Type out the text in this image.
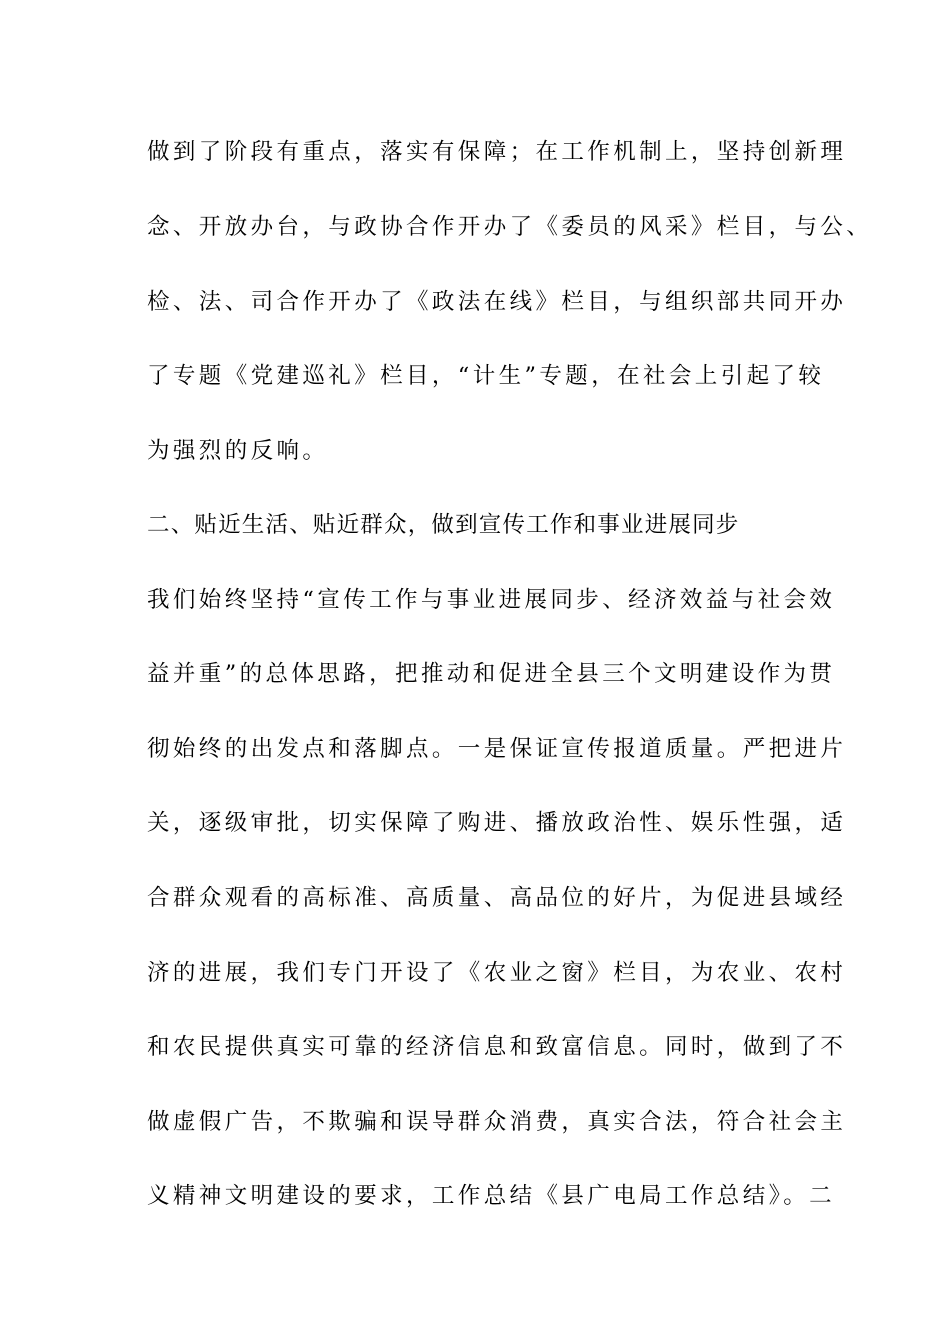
做到了阶段有重点，落实有保障；在工作机制上，坚持创新理
念、开放办台，与政协合作开办了《委员的风采》栏目，与公、
检、法、司合作开办了《政法在线》栏目，与组织部共同开办
了专题《党建巡礼》栏目，“计生”专题，在社会上引起了较
为强烈的反响。
二、贴近生活、贴近群众，做到宣传工作和事业进展同步
我们始终坚持“宣传工作与事业进展同步、经济效益与社会效
益并重”的总体思路，把推动和促进全县三个文明建设作为贯
彻始终的出发点和落脚点。一是保证宣传报道质量。严把进片
关，逐级审批，切实保障了购进、播放政治性、娱乐性强，适
合群众观看的高标准、高质量、高品位的好片，为促进县域经
济的进展，我们专门开设了《农业之窗》栏目，为农业、农村
和农民提供真实可靠的经济信息和致富信息。同时，做到了不
做虚假广告，不欺骗和误导群众消费，真实合法，符合社会主
义精神文明建设的要求，工作总结《县广电局工作总结》。二
